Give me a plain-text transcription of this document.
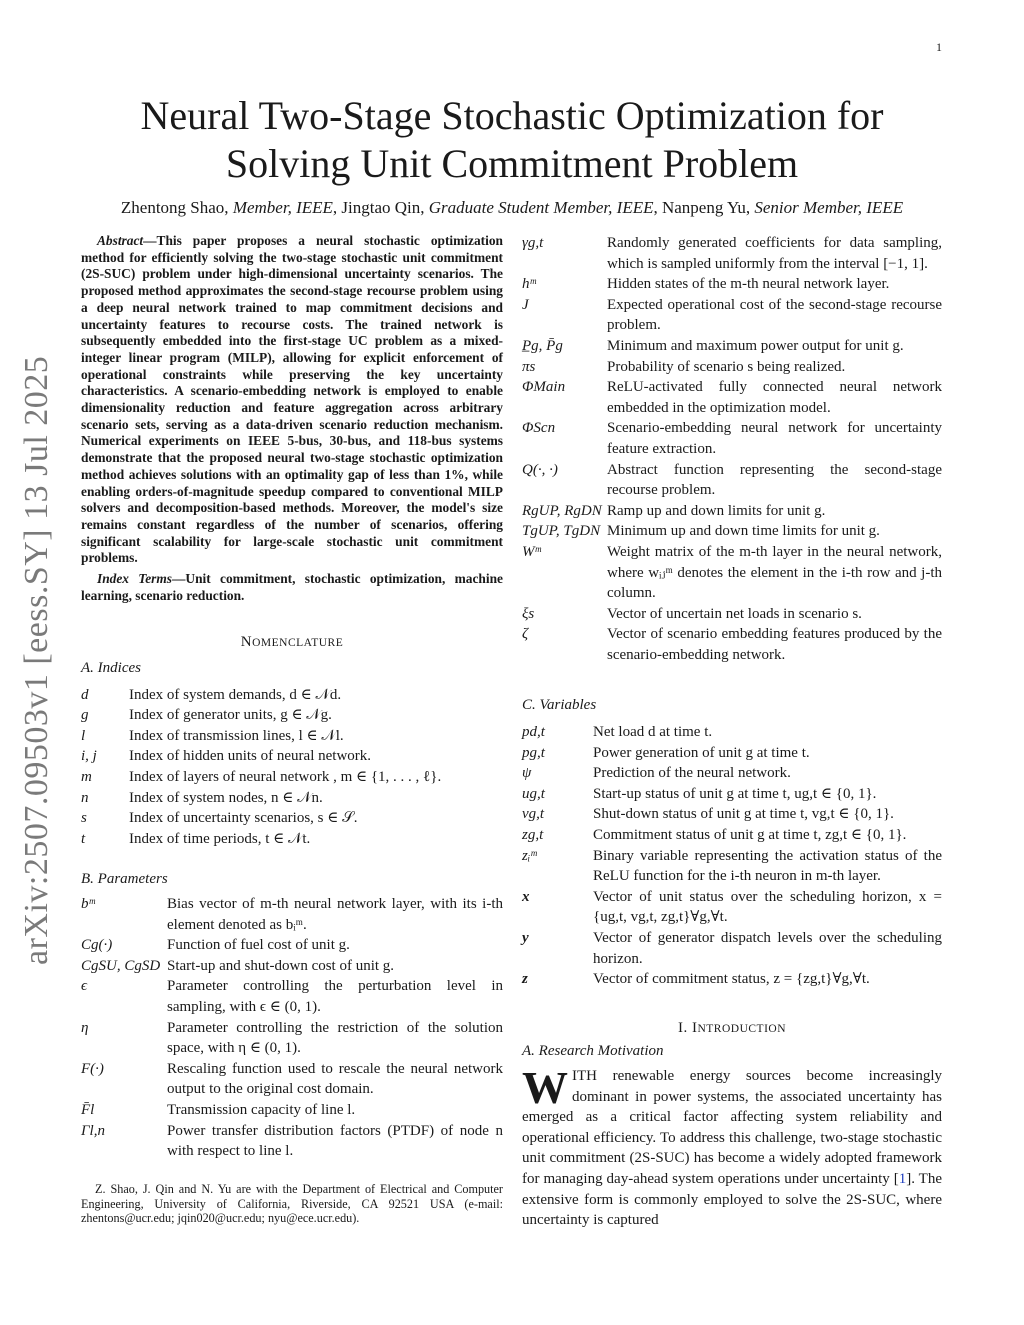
1
arXiv:2507.09503v1 [eess.SY] 13 Jul 2025
Neural Two-Stage Stochastic Optimization for
Solving Unit Commitment Problem
Zhentong Shao, Member, IEEE, Jingtao Qin, Graduate Student Member, IEEE, Nanpeng Yu, Senior Member, IEEE

Abstract—This paper proposes a neural stochastic optimization method for efficiently solving the two-stage stochastic unit commitment (2S-SUC) problem under high-dimensional uncertainty scenarios. The proposed method approximates the second-stage recourse problem using a deep neural network trained to map commitment decisions and uncertainty features to recourse costs. The trained network is subsequently embedded into the first-stage UC problem as a mixed-integer linear program (MILP), allowing for explicit enforcement of operational constraints while preserving the key uncertainty characteristics. A scenario-embedding network is employed to enable dimensionality reduction and feature aggregation across arbitrary scenario sets, serving as a data-driven scenario reduction mechanism. Numerical experiments on IEEE 5-bus, 30-bus, and 118-bus systems demonstrate that the proposed neural two-stage stochastic optimization method achieves solutions with an optimality gap of less than 1%, while enabling orders-of-magnitude speedup compared to conventional MILP solvers and decomposition-based methods. Moreover, the model's size remains constant regardless of the number of scenarios, offering significant scalability for large-scale stochastic unit commitment problems.

Index Terms—Unit commitment, stochastic optimization, machine learning, scenario reduction.

NOMENCLATURE

A. Indices

d	Index of system demands, d ∈ 𝒩d.
g	Index of generator units, g ∈ 𝒩g.
l	Index of transmission lines, l ∈ 𝒩l.
i, j	Index of hidden units of neural network.
m	Index of layers of neural network , m ∈ {1, . . . , ℓ}.
n	Index of system nodes, n ∈ 𝒩n.
s	Index of uncertainty scenarios, s ∈ 𝒮.
t	Index of time periods, t ∈ 𝒩t.

B. Parameters

bᵐ	Bias vector of m-th neural network layer, with its i-th element denoted as bᵢᵐ.
Cg(·)	Function of fuel cost of unit g.
CgSU, CgSD Start-up and shut-down cost of unit g.
ϵ	Parameter controlling the perturbation level in sampling, with ϵ ∈ (0, 1).
η	Parameter controlling the restriction of the solution space, with η ∈ (0, 1).
F(·)	Rescaling function used to rescale the neural network output to the original cost domain.
F̄l	Transmission capacity of line l.
Γl,n	Power transfer distribution factors (PTDF) of node n with respect to line l.

Z. Shao, J. Qin and N. Yu are with the Department of Electrical and Computer Engineering, University of California, Riverside, CA 92521 USA (e-mail: zhentons@ucr.edu; jqin020@ucr.edu; nyu@ece.ucr.edu).

γg,t	Randomly generated coefficients for data sampling, which is sampled uniformly from the interval [−1, 1].
hᵐ	Hidden states of the m-th neural network layer.
J	Expected operational cost of the second-stage recourse problem.
P̲g, P̄g	Minimum and maximum power output for unit g.
πs	Probability of scenario s being realized.
ΦMain	ReLU-activated fully connected neural network embedded in the optimization model.
ΦScn	Scenario-embedding neural network for uncertainty feature extraction.
Q(·, ·)	Abstract function representing the second-stage recourse problem.
RgUP, RgDN Ramp up and down limits for unit g.
TgUP, TgDN Minimum up and down time limits for unit g.
Wᵐ	Weight matrix of the m-th layer in the neural network, where wᵢⱼᵐ denotes the element in the i-th row and j-th column.
ξs	Vector of uncertain net loads in scenario s.
ζ	Vector of scenario embedding features produced by the scenario-embedding network.

C. Variables

pd,t	Net load d at time t.
pg,t	Power generation of unit g at time t.
ψ	Prediction of the neural network.
ug,t	Start-up status of unit g at time t, ug,t ∈ {0, 1}.
vg,t	Shut-down status of unit g at time t, vg,t ∈ {0, 1}.
zg,t	Commitment status of unit g at time t, zg,t ∈ {0, 1}.
zᵢᵐ	Binary variable representing the activation status of the ReLU function for the i-th neuron in m-th layer.
x	Vector of unit status over the scheduling horizon, x = {ug,t, vg,t, zg,t}∀g,∀t.
y	Vector of generator dispatch levels over the scheduling horizon.
z	Vector of commitment status, z = {zg,t}∀g,∀t.

I. INTRODUCTION

A. Research Motivation

WITH renewable energy sources become increasingly dominant in power systems, the associated uncertainty has emerged as a critical factor affecting system reliability and operational efficiency. To address this challenge, two-stage stochastic unit commitment (2S-SUC) has become a widely adopted framework for managing day-ahead system operations under uncertainty [1]. The extensive form is commonly employed to solve the 2S-SUC, where uncertainty is captured
